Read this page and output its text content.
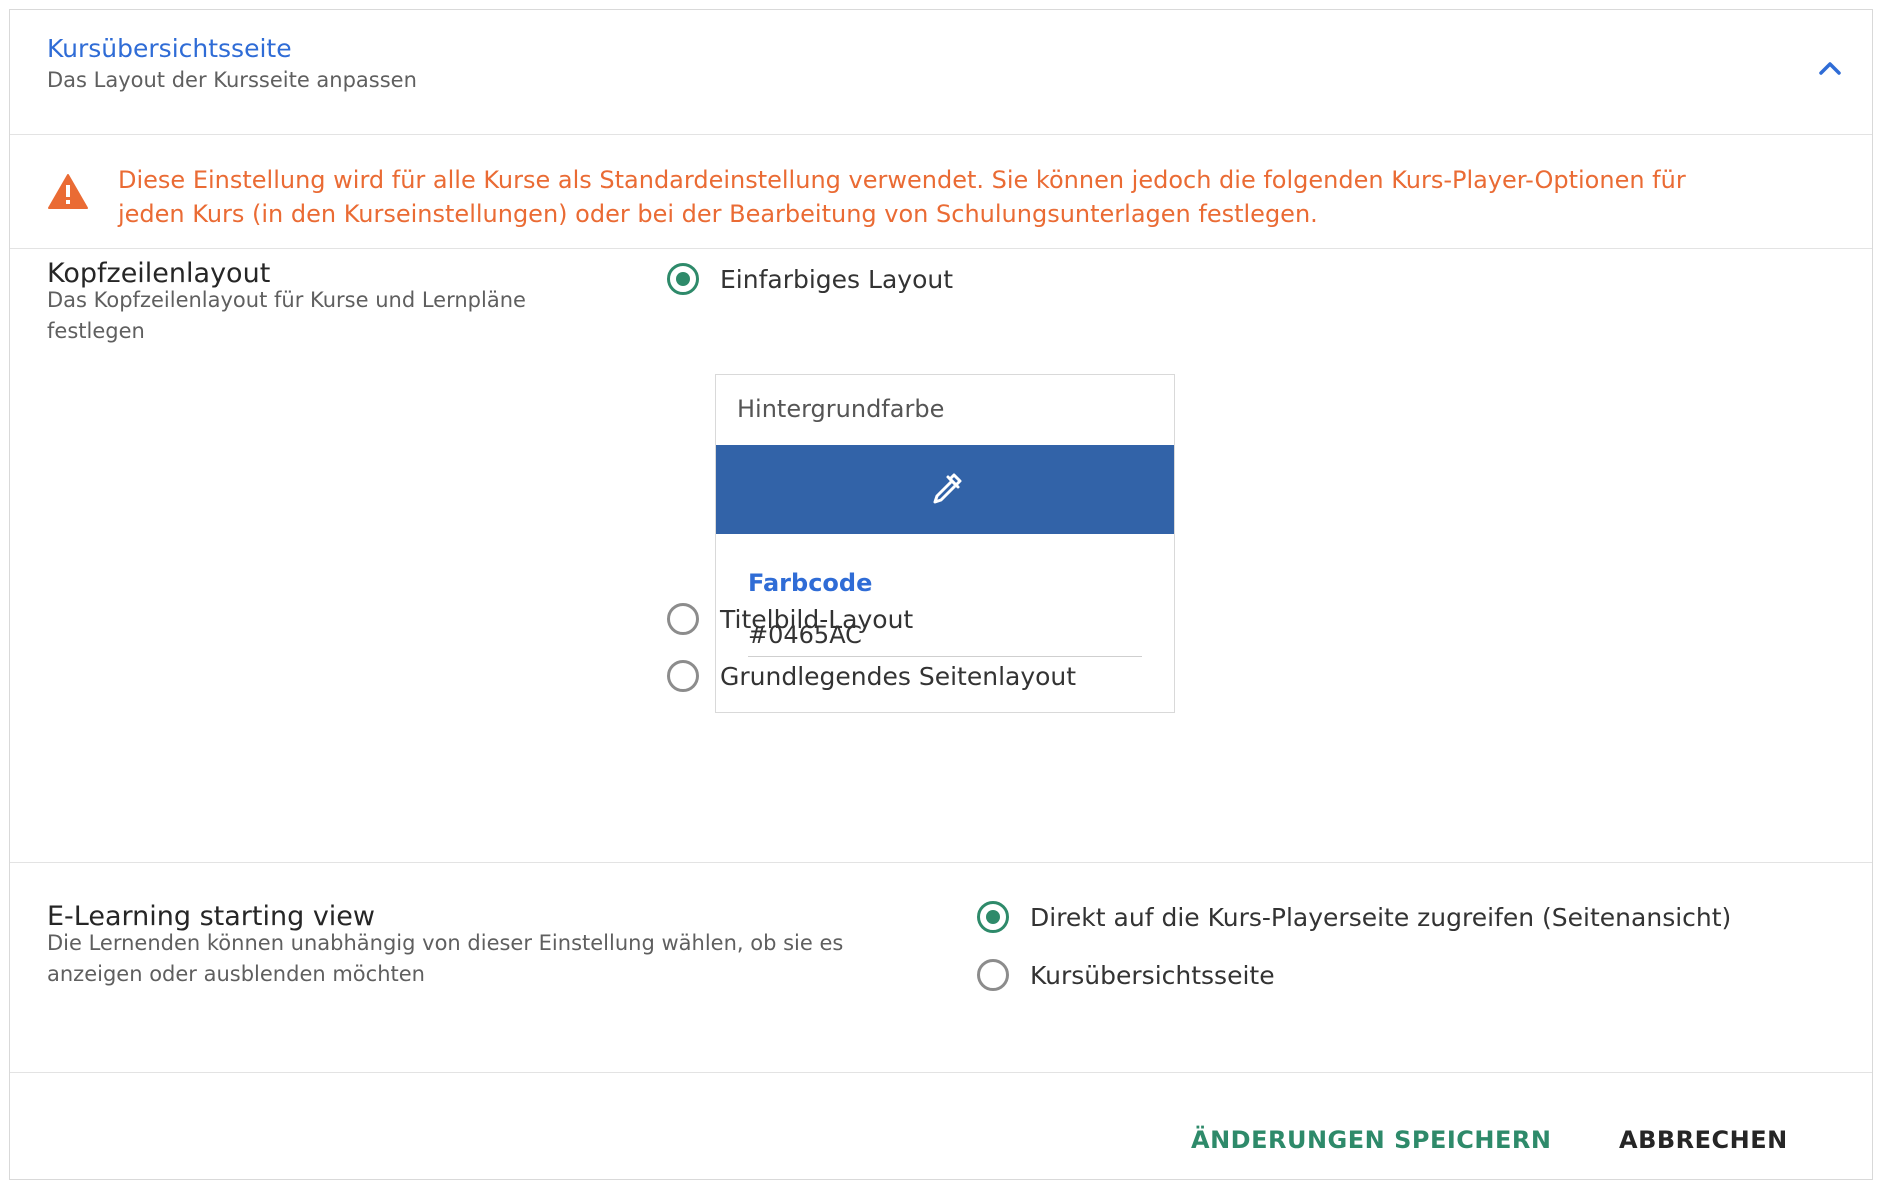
Kursübersichtsseite
Das Layout der Kursseite anpassen
Diese Einstellung wird für alle Kurse als Standardeinstellung verwendet. Sie können jedoch die folgenden Kurs-Player-Optionen für jeden Kurs (in den Kurseinstellungen) oder bei der Bearbeitung von Schulungsunterlagen festlegen.
Kopfzeilenlayout
Das Kopfzeilenlayout für Kurse und Lernpläne festlegen
Einfarbiges Layout
Hintergrundfarbe
Farbcode
#0465AC
Titelbild-Layout
Grundlegendes Seitenlayout
E-Learning starting view
Die Lernenden können unabhängig von dieser Einstellung wählen, ob sie es anzeigen oder ausblenden möchten
Direkt auf die Kurs-Playerseite zugreifen (Seitenansicht)
Kursübersichtsseite
ÄNDERUNGEN SPEICHERN	ABBRECHEN
